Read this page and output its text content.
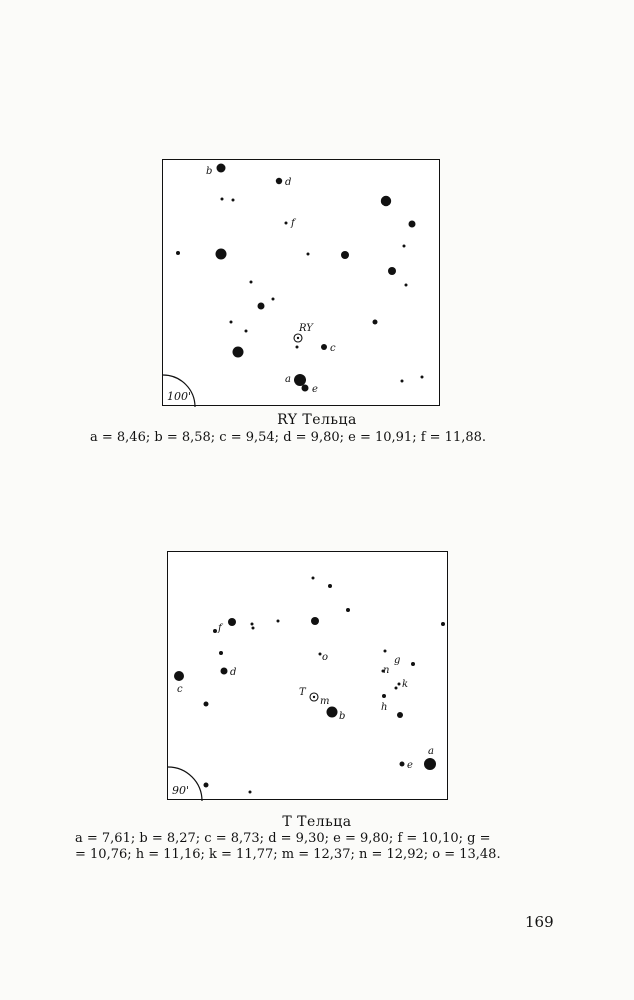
b
d
f
RY
c
a
e
100'
RY Тельца
a = 8,46; b = 8,58; c = 9,54; d = 9,80; e = 10,91; f = 11,88.
f
d
c
o
n
g
k
h
T
m
b
e
a
90'
T Тельца
a = 7,61; b = 8,27; c = 8,73; d = 9,30; e = 9,80; f = 10,10; g =
= 10,76; h = 11,16; k = 11,77; m = 12,37; n = 12,92; o = 13,48.
169
